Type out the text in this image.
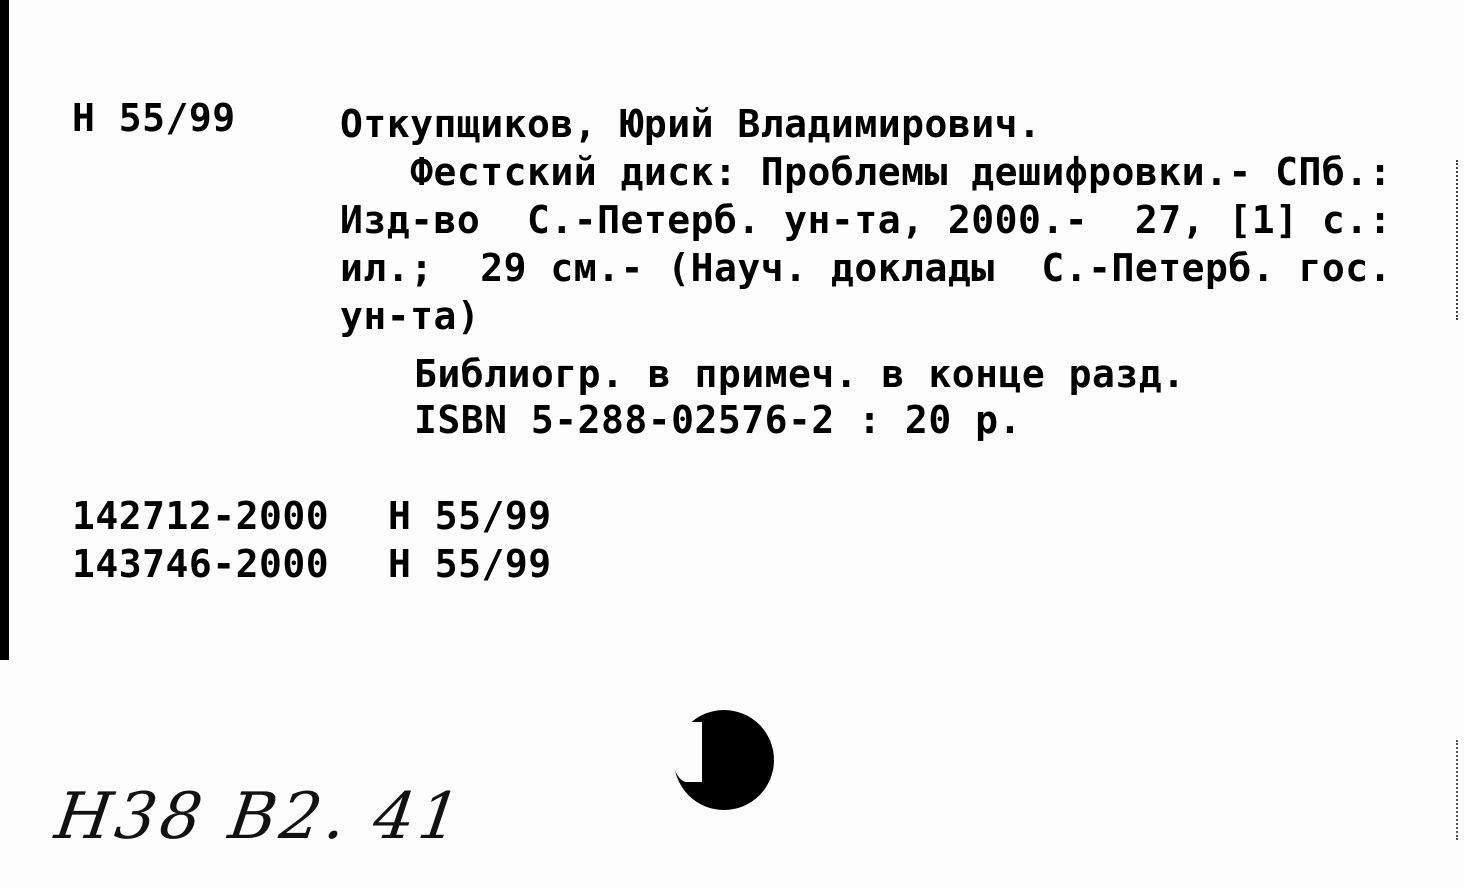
Н 55/99	Откупщиков, Юрий Владимирович.
Фестский диск: Проблемы дешифровки.- СПб.:
Изд-во  С.-Петерб. ун-та, 2000.-  27, [1] с.:
ил.;  29 см.- (Науч. доклады  С.-Петерб. гос.
ун-та)
Библиогр. в примеч. в конце разд.
ISBN 5-288-02576-2 : 20 р.
142712-2000 Н 55/99
143746-2000 Н 55/99
Н38 В2. 41
